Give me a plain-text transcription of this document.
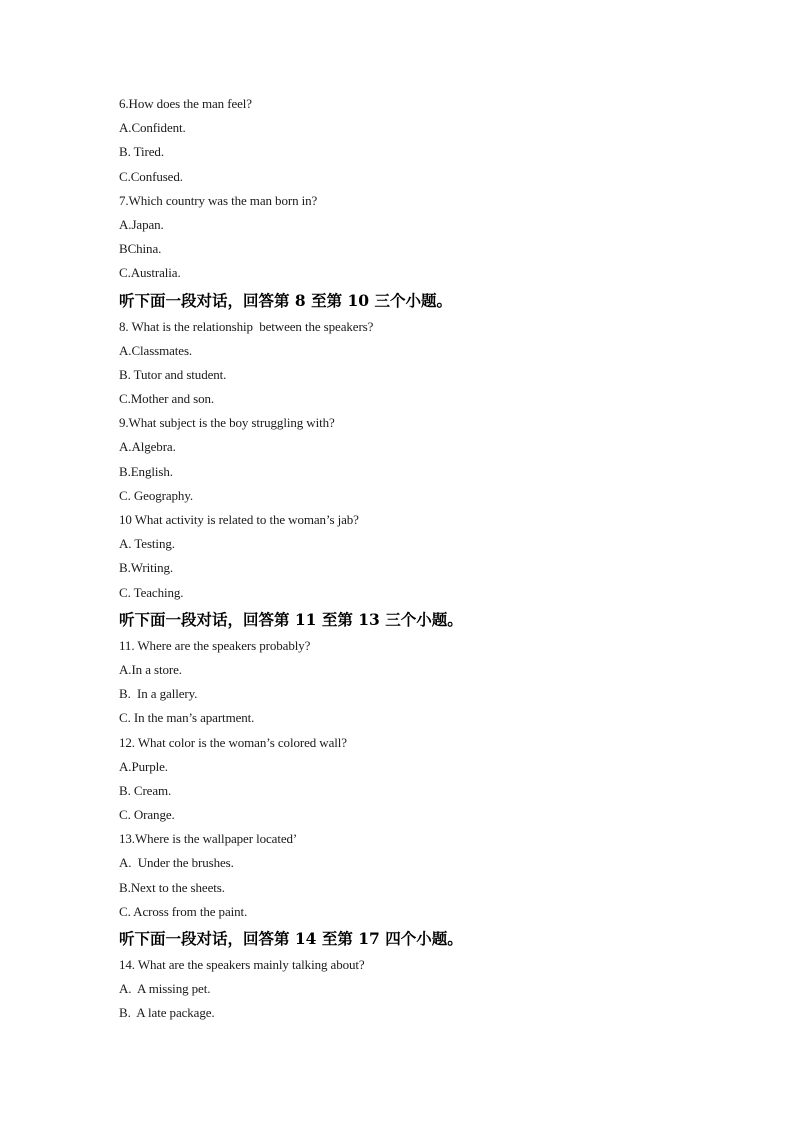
6.How does the man feel?
A.Confident.
B. Tired.
C.Confused.
7.Which country was the man born in?
A.Japan.
BChina.
C.Australia.
听下面一段对话，回答第 8 至第 10 三个小题。
8. What is the relationship  between the speakers?
A.Classmates.
B. Tutor and student.
C.Mother and son.
9.What subject is the boy struggling with?
A.Algebra.
B.English.
C. Geography.
10 What activity is related to the woman’s jab?
A. Testing.
B.Writing.
C. Teaching.
听下面一段对话，回答第 11 至第 13 三个小题。
11. Where are the speakers probably?
A.In a store.
B.  In a gallery.
C. In the man’s apartment.
12. What color is the woman’s colored wall?
A.Purple.
B. Cream.
C. Orange.
13.Where is the wallpaper located’
A.  Under the brushes.
B.Next to the sheets.
C. Across from the paint.
听下面一段对话，回答第 14 至第 17 四个小题。
14. What are the speakers mainly talking about?
A.  A missing pet.
B.  A late package.
